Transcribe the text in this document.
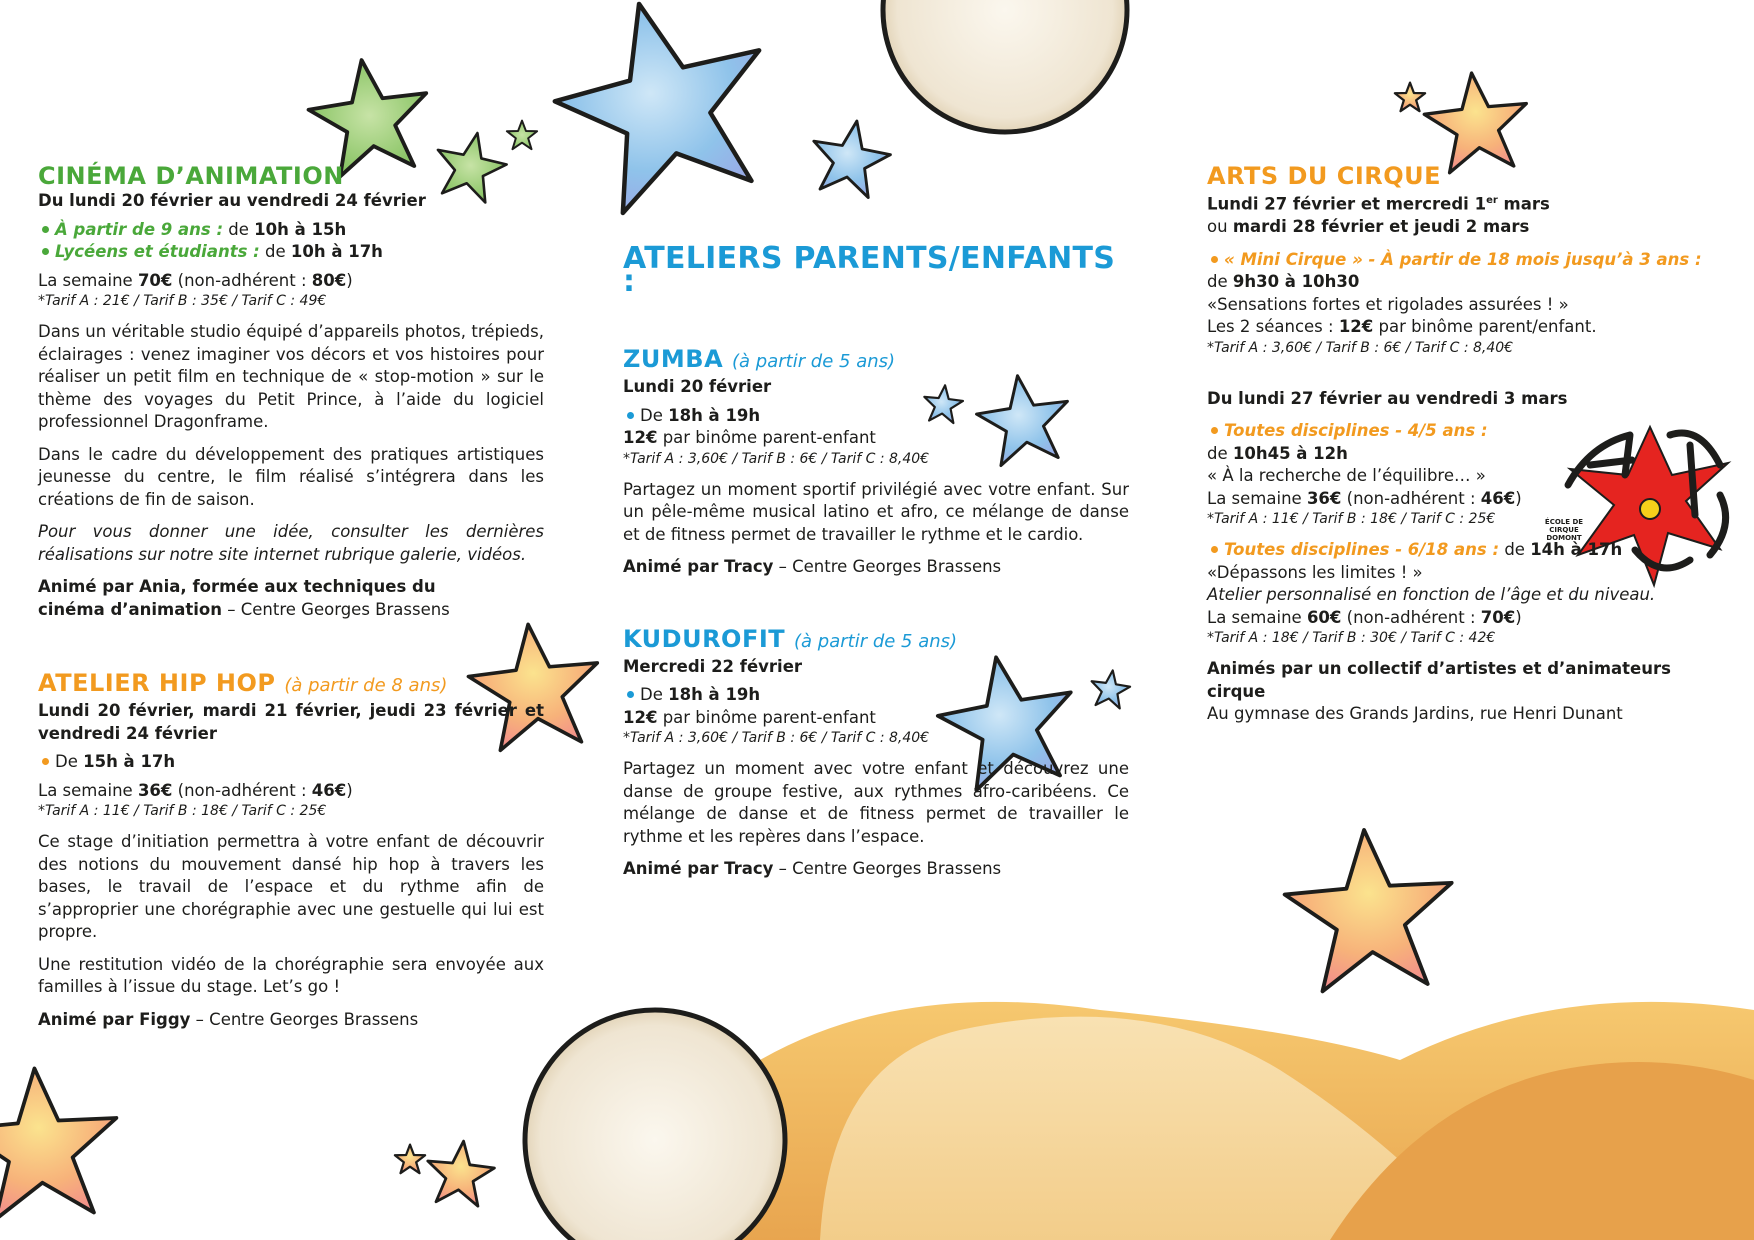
ÉCOLE DE CIRQUE DOMONT

CINÉMA D’ANIMATION

Du lundi 20 février au vendredi 24 février

À partir de 9 ans : de 10h à 15h

Lycéens et étudiants : de 10h à 17h

La semaine 70€ (non-adhérent : 80€)

*Tarif A : 21€ / Tarif B : 35€ / Tarif C : 49€

Dans un véritable studio équipé d’appareils photos, trépieds, éclairages : venez imaginer vos décors et vos histoires pour réaliser un petit film en technique de « stop-motion » sur le thème des voyages du Petit Prince, à l’aide du logiciel professionnel Dragonframe.

Dans le cadre du développement des pratiques artistiques jeunesse du centre, le film réalisé s’intégrera dans les créations de fin de saison.

Pour vous donner une idée, consulter les dernières réalisations sur notre site internet rubrique galerie, vidéos.

Animé par Ania, formée aux techniques du cinéma d’animation – Centre Georges Brassens

ATELIER HIP HOP (à partir de 8 ans)

Lundi 20 février, mardi 21 février, jeudi 23 février et vendredi 24 février

De 15h à 17h

La semaine 36€ (non-adhérent : 46€)

*Tarif A : 11€ / Tarif B : 18€ / Tarif C : 25€

Ce stage d’initiation permettra à votre enfant de découvrir des notions du mouvement dansé hip hop à travers les bases, le travail de l’espace et du rythme afin de s’approprier une chorégraphie avec une gestuelle qui lui est propre.

Une restitution vidéo de la chorégraphie sera envoyée aux familles à l’issue du stage. Let’s go !

Animé par Figgy – Centre Georges Brassens

ATELIERS PARENTS/ENFANTS :

ZUMBA (à partir de 5 ans)

Lundi 20 février

De 18h à 19h

12€ par binôme parent-enfant

*Tarif A : 3,60€ / Tarif B : 6€ / Tarif C : 8,40€

Partagez un moment sportif privilégié avec votre enfant. Sur un pêle-même musical latino et afro, ce mélange de danse et de fitness permet de travailler le rythme et le cardio.

Animé par Tracy – Centre Georges Brassens

KUDUROFIT (à partir de 5 ans)

Mercredi 22 février

De 18h à 19h

12€ par binôme parent-enfant

*Tarif A : 3,60€ / Tarif B : 6€ / Tarif C : 8,40€

Partagez un moment avec votre enfant et découvrez une danse de groupe festive, aux rythmes afro-caribéens. Ce mélange de danse et de fitness permet de travailler le rythme et les repères dans l’espace.

Animé par Tracy – Centre Georges Brassens

ARTS DU CIRQUE

Lundi 27 février et mercredi 1er mars

ou mardi 28 février et jeudi 2 mars

« Mini Cirque » - À partir de 18 mois jusqu’à 3 ans :

de 9h30 à 10h30

«Sensations fortes et rigolades assurées ! »

Les 2 séances : 12€ par binôme parent/enfant.

*Tarif A : 3,60€ / Tarif B : 6€ / Tarif C : 8,40€

Du lundi 27 février au vendredi 3 mars

Toutes disciplines - 4/5 ans :

de 10h45 à 12h

« À la recherche de l’équilibre… »

La semaine 36€ (non-adhérent : 46€)

*Tarif A : 11€ / Tarif B : 18€ / Tarif C : 25€

Toutes disciplines - 6/18 ans : de 14h à 17h

«Dépassons les limites ! »

Atelier personnalisé en fonction de l’âge et du niveau.

La semaine 60€ (non-adhérent : 70€)

*Tarif A : 18€ / Tarif B : 30€ / Tarif C : 42€

Animés par un collectif d’artistes et d’animateurs cirque

Au gymnase des Grands Jardins, rue Henri Dunant
